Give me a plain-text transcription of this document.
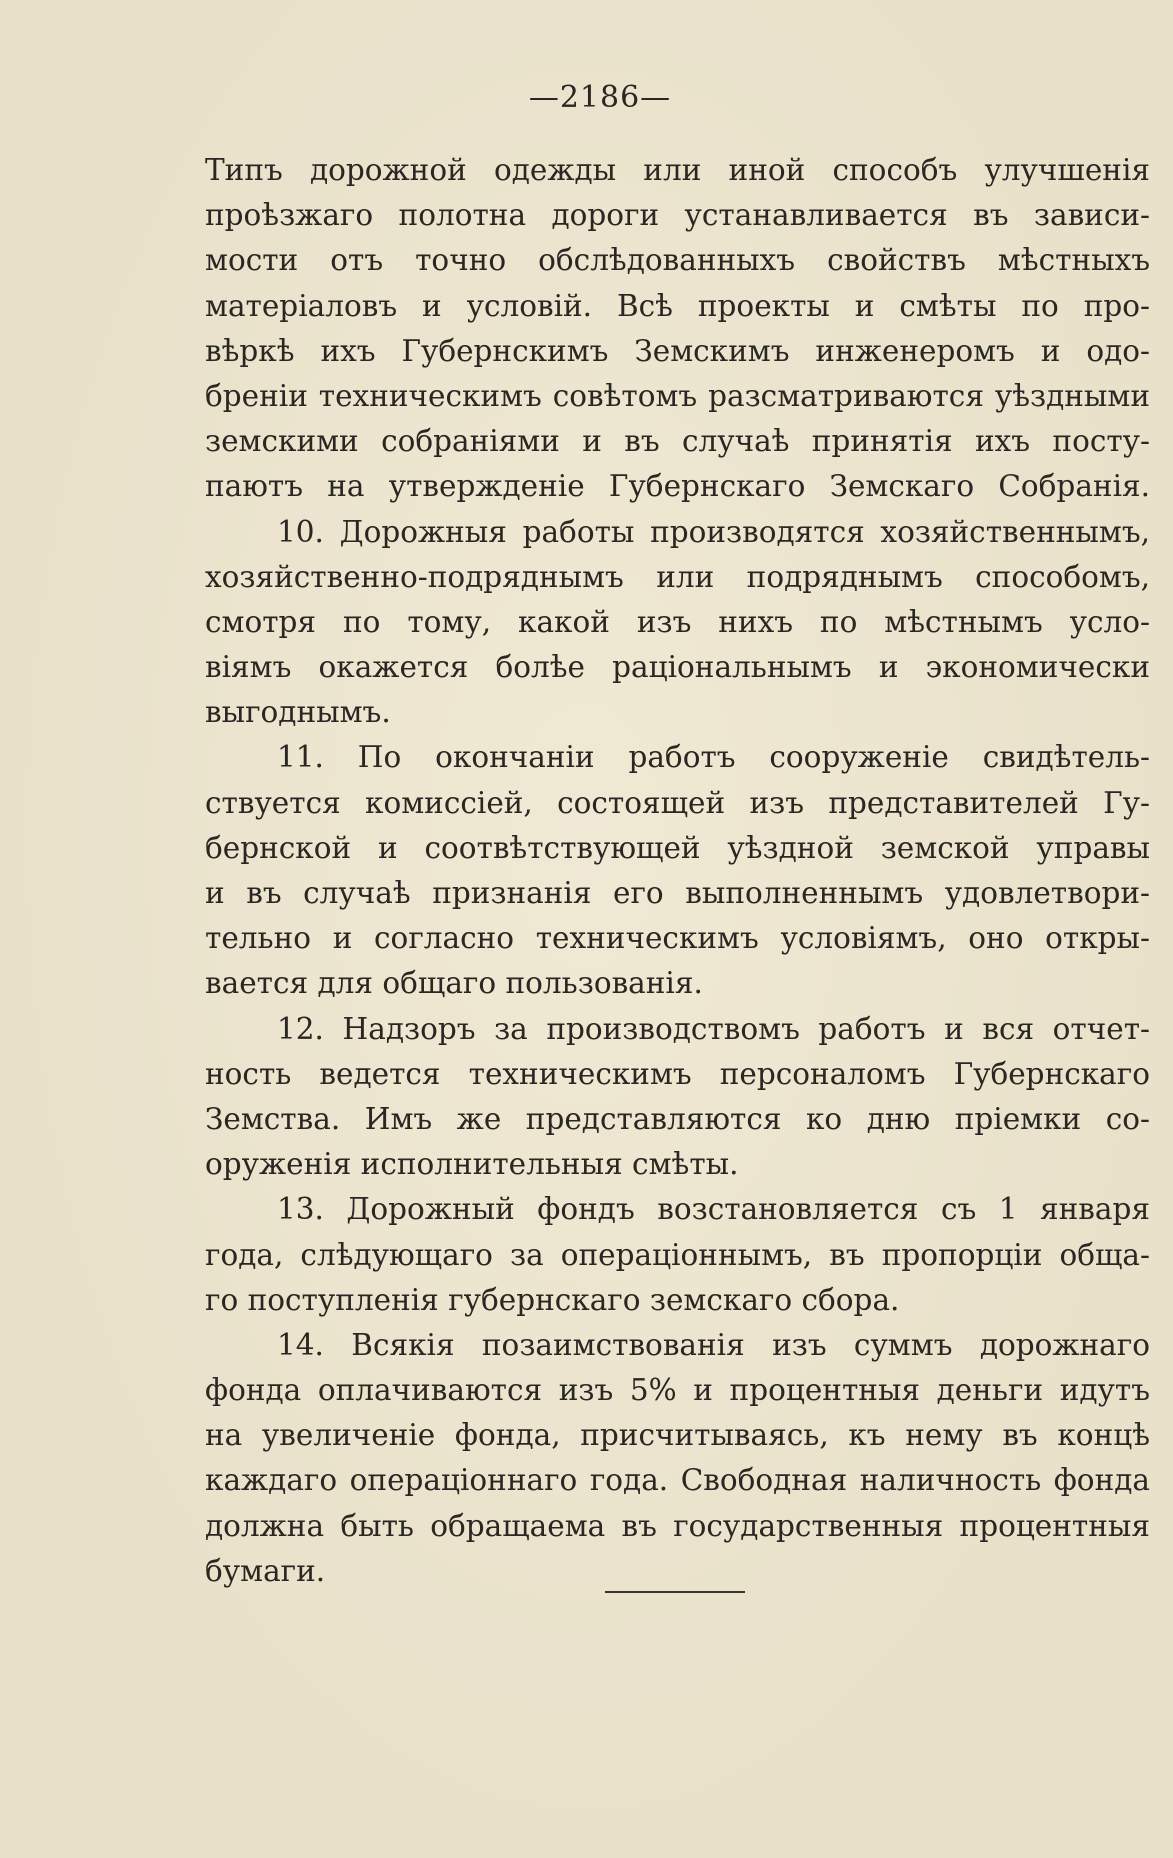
—2186—
Типъ дорожной одежды или иной способъ улучшенія
проѣзжаго полотна дороги устанавливается въ зависи-
мости отъ точно обслѣдованныхъ свойствъ мѣстныхъ
матеріаловъ и условій. Всѣ проекты и смѣты по про-
вѣркѣ ихъ Губернскимъ Земскимъ инженеромъ и одо-
бреніи техническимъ совѣтомъ разсматриваются уѣздными
земскими собраніями и въ случаѣ принятія ихъ посту-
паютъ на утвержденіе Губернскаго Земскаго Собранія.
10. Дорожныя работы производятся хозяйственнымъ,
хозяйственно-подряднымъ или подряднымъ способомъ,
смотря по тому, какой изъ нихъ по мѣстнымъ усло-
віямъ окажется болѣе раціональнымъ и экономически
выгоднымъ.
11. По окончаніи работъ сооруженіе свидѣтель-
ствуется комиссіей, состоящей изъ представителей Гу-
бернской и соотвѣтствующей уѣздной земской управы
и въ случаѣ признанія его выполненнымъ удовлетвори-
тельно и согласно техническимъ условіямъ, оно откры-
вается для общаго пользованія.
12. Надзоръ за производствомъ работъ и вся отчет-
ность ведется техническимъ персоналомъ Губернскаго
Земства. Имъ же представляются ко дню пріемки со-
оруженія исполнительныя смѣты.
13. Дорожный фондъ возстановляется съ 1 января
года, слѣдующаго за операціоннымъ, въ пропорціи обща-
го поступленія губернскаго земскаго сбора.
14. Всякія позаимствованія изъ суммъ дорожнаго
фонда оплачиваются изъ 5% и процентныя деньги идутъ
на увеличеніе фонда, присчитываясь, къ нему въ концѣ
каждаго операціоннаго года. Свободная наличность фонда
должна быть обращаема въ государственныя процентныя
бумаги.
